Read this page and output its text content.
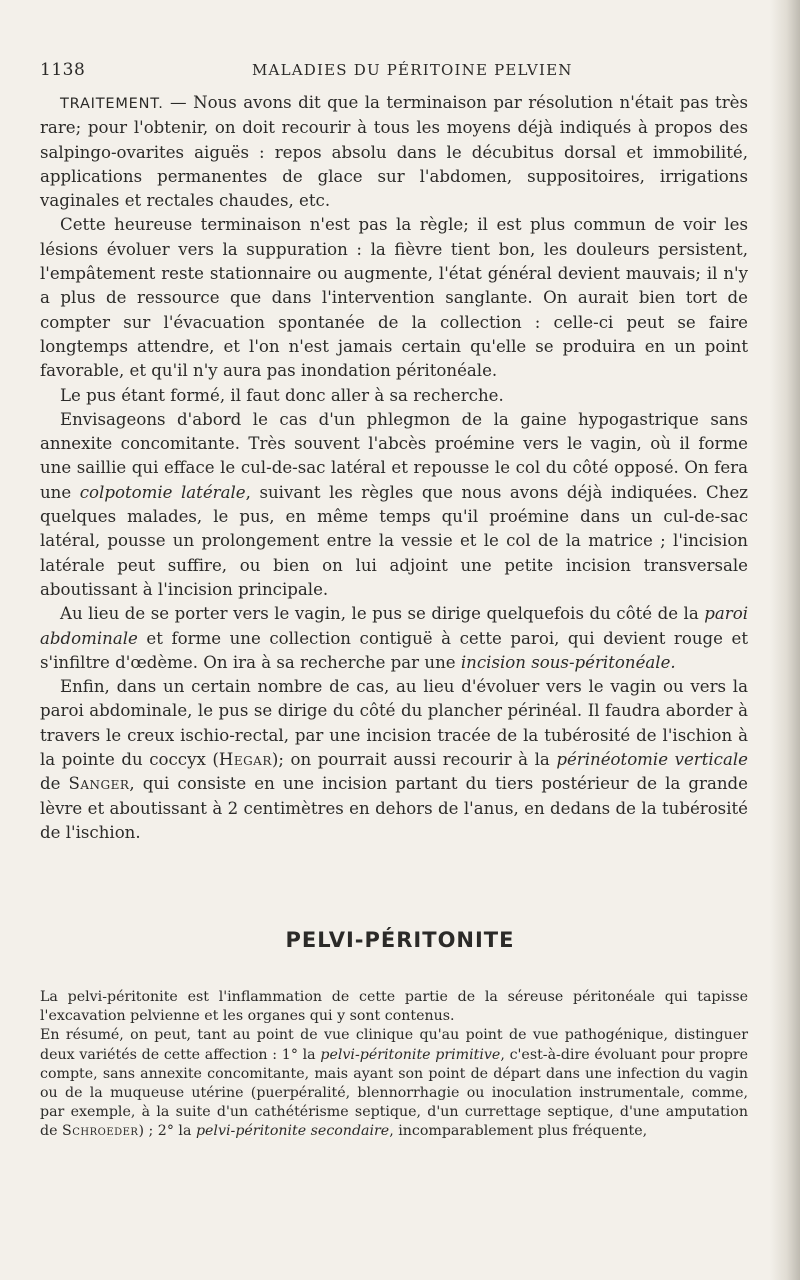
1138	MALADIES DU PÉRITOINE PELVIEN

TRAITEMENT. — Nous avons dit que la terminaison par résolution n'était pas très rare; pour l'obtenir, on doit recourir à tous les moyens déjà indiqués à propos des salpingo-ovarites aiguës : repos absolu dans le décubitus dorsal et immobilité, applications permanentes de glace sur l'abdomen, suppositoires, irrigations vaginales et rectales chaudes, etc.

Cette heureuse terminaison n'est pas la règle; il est plus commun de voir les lésions évoluer vers la suppuration : la fièvre tient bon, les douleurs persistent, l'empâtement reste stationnaire ou augmente, l'état général devient mauvais; il n'y a plus de ressource que dans l'intervention sanglante. On aurait bien tort de compter sur l'évacuation spontanée de la collection : celle-ci peut se faire longtemps attendre, et l'on n'est jamais certain qu'elle se produira en un point favorable, et qu'il n'y aura pas inondation péritonéale.

Le pus étant formé, il faut donc aller à sa recherche.

Envisageons d'abord le cas d'un phlegmon de la gaine hypogastrique sans annexite concomitante. Très souvent l'abcès proémine vers le vagin, où il forme une saillie qui efface le cul-de-sac latéral et repousse le col du côté opposé. On fera une colpotomie latérale, suivant les règles que nous avons déjà indiquées. Chez quelques malades, le pus, en même temps qu'il proémine dans un cul-de-sac latéral, pousse un prolongement entre la vessie et le col de la matrice ; l'incision latérale peut suffire, ou bien on lui adjoint une petite incision transversale aboutissant à l'incision principale.

Au lieu de se porter vers le vagin, le pus se dirige quelquefois du côté de la paroi abdominale et forme une collection contiguë à cette paroi, qui devient rouge et s'infiltre d'œdème. On ira à sa recherche par une incision sous-péritonéale.

Enfin, dans un certain nombre de cas, au lieu d'évoluer vers le vagin ou vers la paroi abdominale, le pus se dirige du côté du plancher périnéal. Il faudra aborder à travers le creux ischio-rectal, par une incision tracée de la tubérosité de l'ischion à la pointe du coccyx (Hegar); on pourrait aussi recourir à la périnéotomie verticale de Sanger, qui consiste en une incision partant du tiers postérieur de la grande lèvre et aboutissant à 2 centimètres en dehors de l'anus, en dedans de la tubérosité de l'ischion.

PELVI-PÉRITONITE

La pelvi-péritonite est l'inflammation de cette partie de la séreuse péritonéale qui tapisse l'excavation pelvienne et les organes qui y sont contenus.

En résumé, on peut, tant au point de vue clinique qu'au point de vue pathogénique, distinguer deux variétés de cette affection : 1° la pelvi-péritonite primitive, c'est-à-dire évoluant pour propre compte, sans annexite concomitante, mais ayant son point de départ dans une infection du vagin ou de la muqueuse utérine (puerpéralité, blennorrhagie ou inoculation instrumentale, comme, par exemple, à la suite d'un cathétérisme septique, d'un currettage septique, d'une amputation de Schroeder) ; 2° la pelvi-péritonite secondaire, incomparablement plus fréquente,
